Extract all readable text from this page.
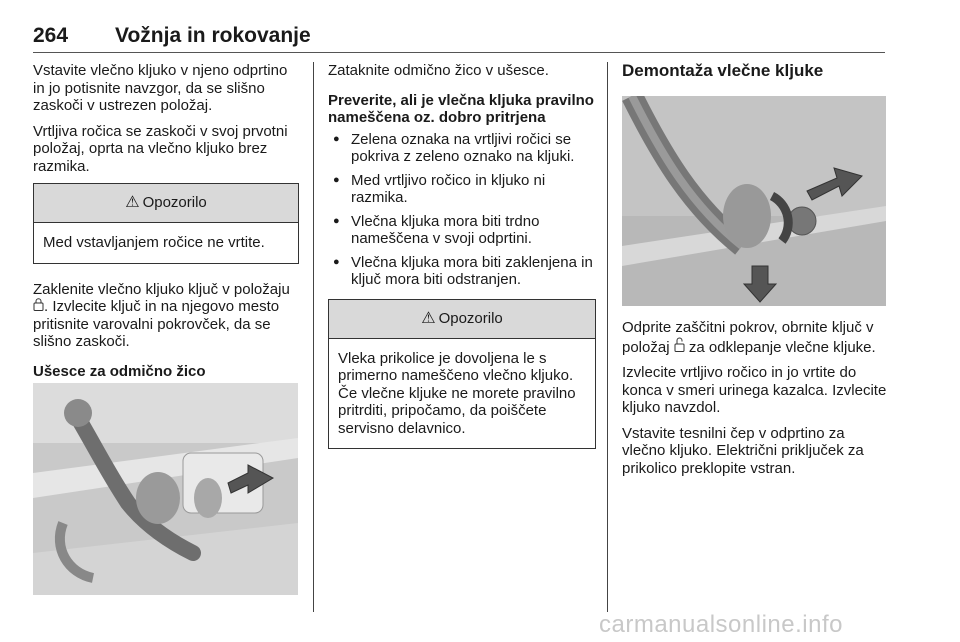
264 Vožnja in rokovanje

Vstavite vlečno kljuko v njeno odprtino in jo potisnite navzgor, da se slišno zaskoči v ustrezen položaj.

Vrtljiva ročica se zaskoči v svoj prvotni položaj, oprta na vlečno kljuko brez razmika.

⚠ Opozorilo
Med vstavljanjem ročice ne vrtite.

Zaklenite vlečno kljuko ključ v položaju . Izvlecite ključ in na njegovo mesto pritisnite varovalni pokrovček, da se slišno zaskoči.

Ušesce za odmično žico

Zataknite odmično žico v ušesce.

Preverite, ali je vlečna kljuka pravilno nameščena oz. dobro pritrjena

● Zelena oznaka na vrtljivi ročici se pokriva z zeleno oznako na kljuki.
● Med vrtljivo ročico in kljuko ni razmika.
● Vlečna kljuka mora biti trdno nameščena v svoji odprtini.
● Vlečna kljuka mora biti zaklenjena in ključ mora biti odstranjen.
⚠ Opozorilo
Vleka prikolice je dovoljena le s primerno nameščeno vlečno kljuko. Če vlečne kljuke ne morete pravilno pritrditi, pripočamo, da poiščete servisno delavnico.
Demontaža vlečne kljuke

Odprite zaščitni pokrov, obrnite ključ v položaj  za odklepanje vlečne kljuke.

Izvlecite vrtljivo ročico in jo vrtite do konca v smeri urinega kazalca. Izvlecite kljuko navzdol.

Vstavite tesnilni čep v odprtino za vlečno kljuko. Električni priključek za prikolico preklopite vstran.

carmanualsonline.info
